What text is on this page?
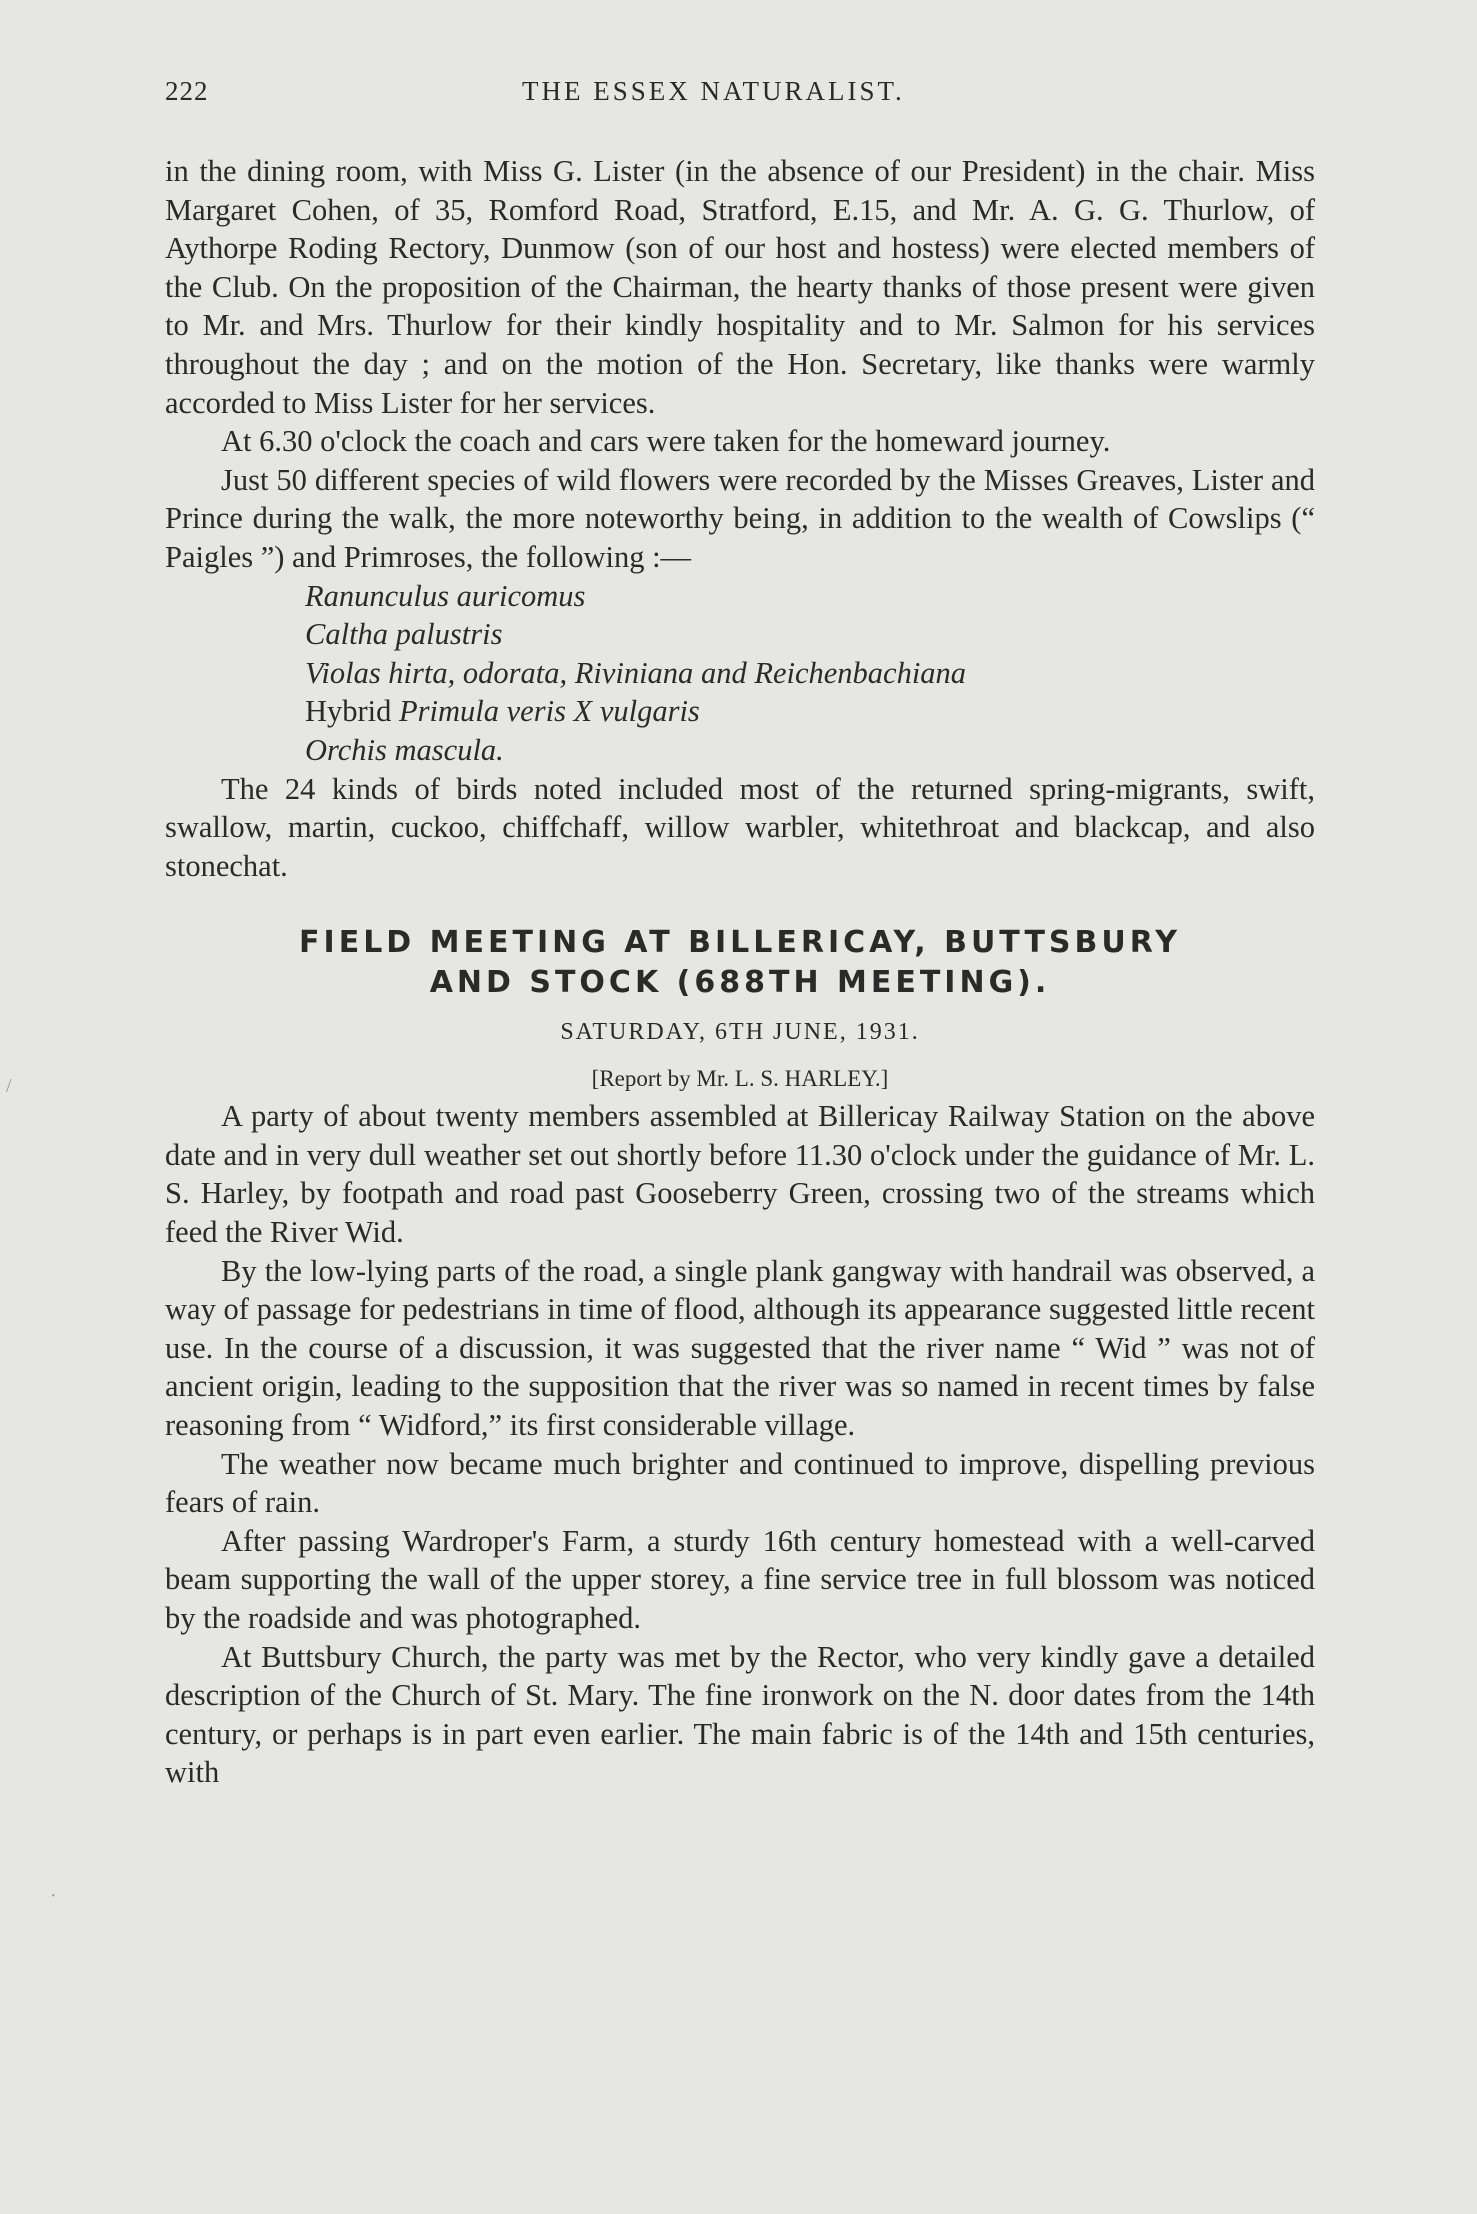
222	THE ESSEX NATURALIST.

in the dining room, with Miss G. Lister (in the absence of our President) in the chair. Miss Margaret Cohen, of 35, Romford Road, Stratford, E.15, and Mr. A. G. G. Thurlow, of Aythorpe Roding Rectory, Dunmow (son of our host and hostess) were elected members of the Club. On the proposition of the Chairman, the hearty thanks of those present were given to Mr. and Mrs. Thurlow for their kindly hospitality and to Mr. Salmon for his services throughout the day ; and on the motion of the Hon. Secretary, like thanks were warmly accorded to Miss Lister for her services.

At 6.30 o'clock the coach and cars were taken for the homeward journey.

Just 50 different species of wild flowers were recorded by the Misses Greaves, Lister and Prince during the walk, the more noteworthy being, in addition to the wealth of Cowslips (“ Paigles ”) and Primroses, the following :—

Ranunculus auricomus
Caltha palustris
Violas hirta, odorata, Riviniana and Reichenbachiana
Hybrid Primula veris X vulgaris
Orchis mascula.

The 24 kinds of birds noted included most of the returned spring-migrants, swift, swallow, martin, cuckoo, chiffchaff, willow warbler, whitethroat and blackcap, and also stonechat.

FIELD MEETING AT BILLERICAY, BUTTSBURY
AND STOCK (688TH MEETING).
SATURDAY, 6TH JUNE, 1931.
[Report by Mr. L. S. HARLEY.]

A party of about twenty members assembled at Billericay Railway Station on the above date and in very dull weather set out shortly before 11.30 o'clock under the guidance of Mr. L. S. Harley, by footpath and road past Gooseberry Green, crossing two of the streams which feed the River Wid.

By the low-lying parts of the road, a single plank gangway with handrail was observed, a way of passage for pedestrians in time of flood, although its appearance suggested little recent use. In the course of a discussion, it was suggested that the river name “ Wid ” was not of ancient origin, leading to the supposition that the river was so named in recent times by false reasoning from “ Widford,” its first considerable village.

The weather now became much brighter and continued to improve, dispelling previous fears of rain.

After passing Wardroper's Farm, a sturdy 16th century homestead with a well-carved beam supporting the wall of the upper storey, a fine service tree in full blossom was noticed by the roadside and was photographed.

At Buttsbury Church, the party was met by the Rector, who very kindly gave a detailed description of the Church of St. Mary. The fine ironwork on the N. door dates from the 14th century, or perhaps is in part even earlier. The main fabric is of the 14th and 15th centuries, with

·
/
